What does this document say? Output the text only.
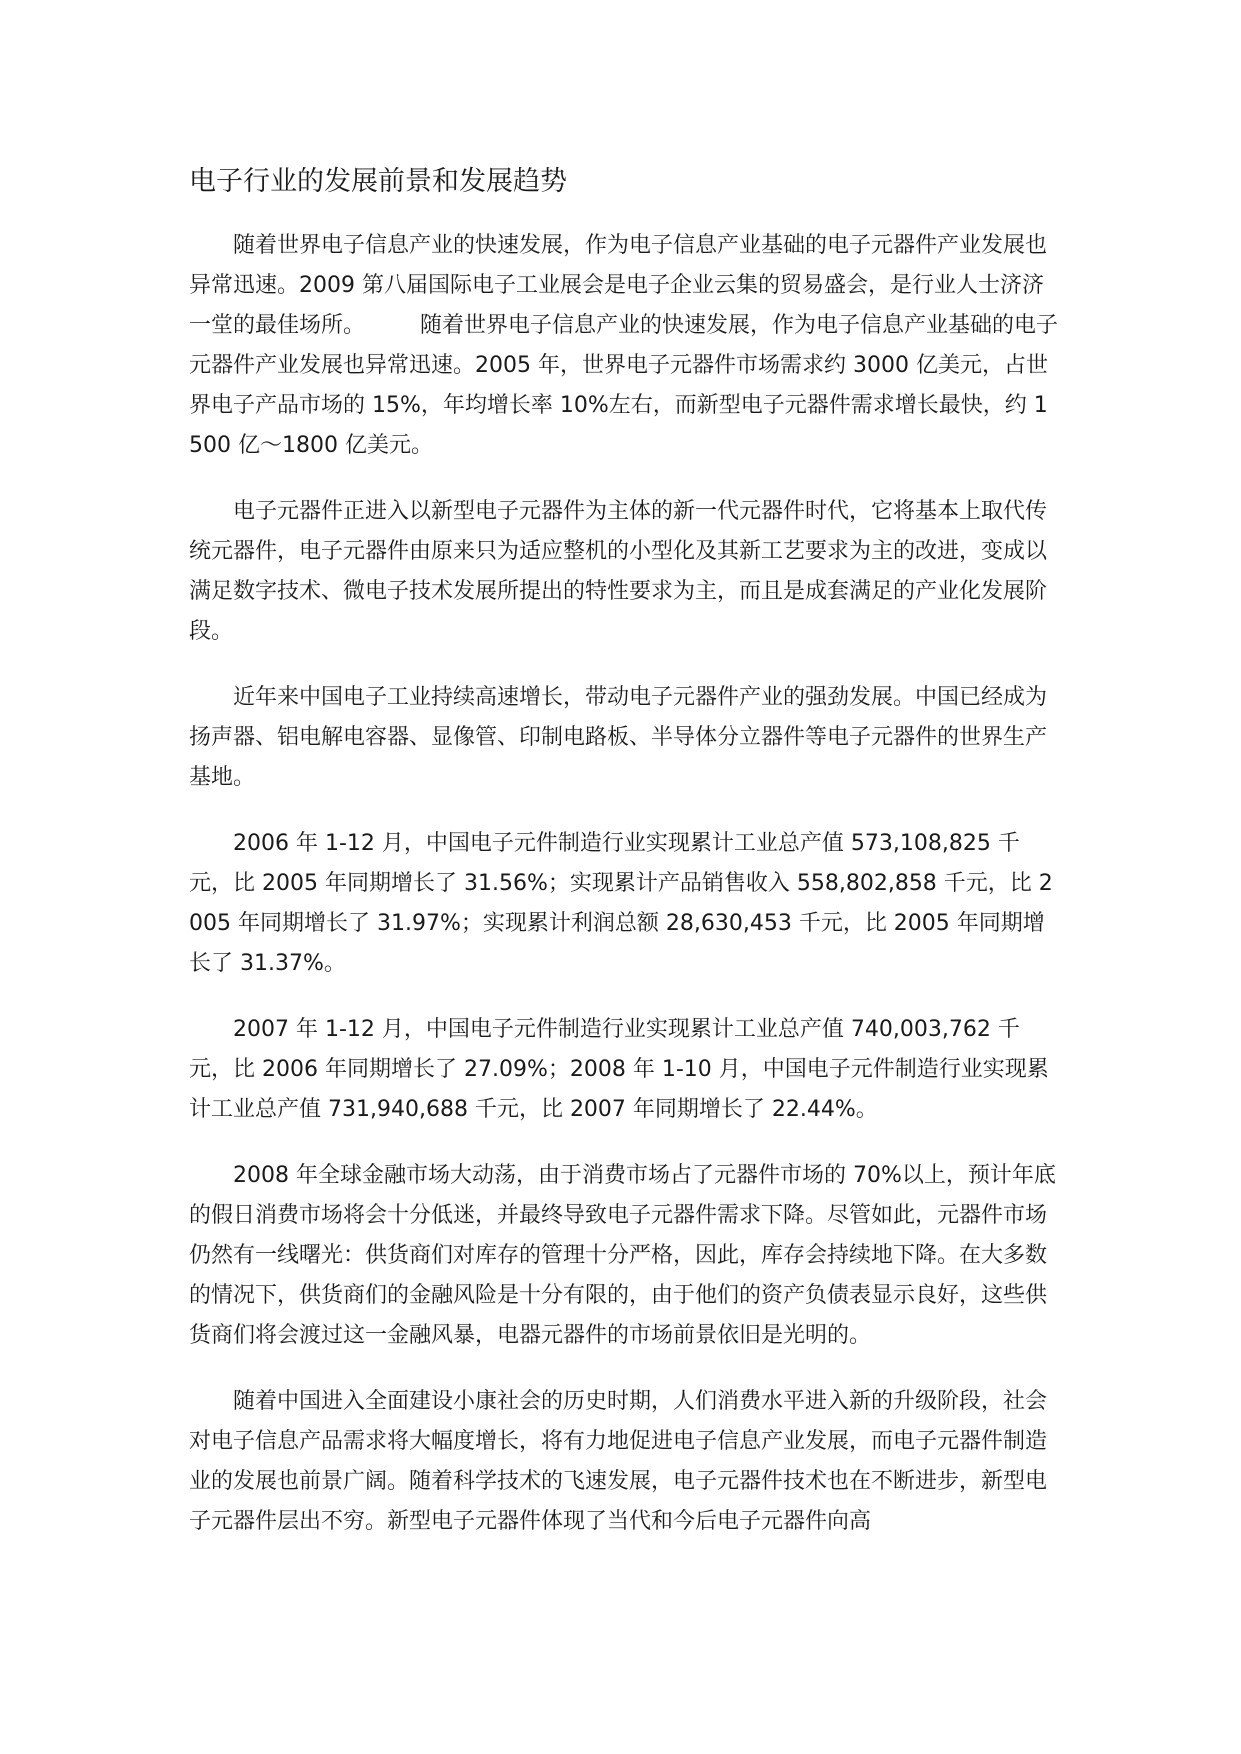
电子行业的发展前景和发展趋势

随着世界电子信息产业的快速发展，作为电子信息产业基础的电子元器件产业发展也异常迅速。2009 第八届国际电子工业展会是电子企业云集的贸易盛会，是行业人士济济一堂的最佳场所。　　　随着世界电子信息产业的快速发展，作为电子信息产业基础的电子元器件产业发展也异常迅速。2005 年，世界电子元器件市场需求约 3000 亿美元，占世界电子产品市场的 15%，年均增长率 10%左右，而新型电子元器件需求增长最快，约 1500 亿～1800 亿美元。

电子元器件正进入以新型电子元器件为主体的新一代元器件时代，它将基本上取代传统元器件，电子元器件由原来只为适应整机的小型化及其新工艺要求为主的改进，变成以满足数字技术、微电子技术发展所提出的特性要求为主，而且是成套满足的产业化发展阶段。

近年来中国电子工业持续高速增长，带动电子元器件产业的强劲发展。中国已经成为扬声器、铝电解电容器、显像管、印制电路板、半导体分立器件等电子元器件的世界生产基地。

2006 年 1-12 月，中国电子元件制造行业实现累计工业总产值 573,108,825 千元，比 2005 年同期增长了 31.56%；实现累计产品销售收入 558,802,858 千元，比 2005 年同期增长了 31.97%；实现累计利润总额 28,630,453 千元，比 2005 年同期增长了 31.37%。

2007 年 1-12 月，中国电子元件制造行业实现累计工业总产值 740,003,762 千元，比 2006 年同期增长了 27.09%；2008 年 1-10 月，中国电子元件制造行业实现累计工业总产值 731,940,688 千元，比 2007 年同期增长了 22.44%。

2008 年全球金融市场大动荡，由于消费市场占了元器件市场的 70%以上，预计年底的假日消费市场将会十分低迷，并最终导致电子元器件需求下降。尽管如此，元器件市场仍然有一线曙光：供货商们对库存的管理十分严格，因此，库存会持续地下降。在大多数的情况下，供货商们的金融风险是十分有限的，由于他们的资产负债表显示良好，这些供货商们将会渡过这一金融风暴，电器元器件的市场前景依旧是光明的。

随着中国进入全面建设小康社会的历史时期，人们消费水平进入新的升级阶段，社会对电子信息产品需求将大幅度增长，将有力地促进电子信息产业发展，而电子元器件制造业的发展也前景广阔。随着科学技术的飞速发展，电子元器件技术也在不断进步，新型电子元器件层出不穷。新型电子元器件体现了当代和今后电子元器件向高
